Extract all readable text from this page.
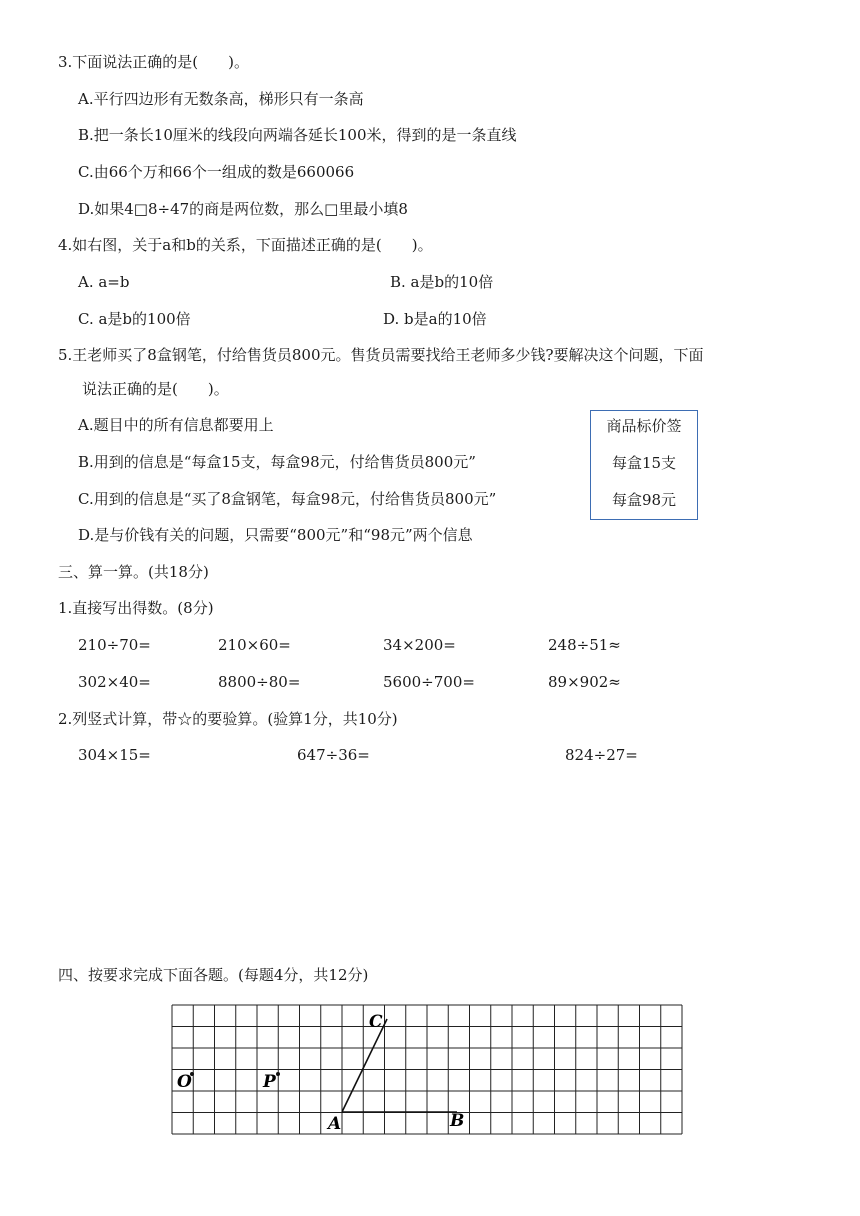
3.下面说法正确的是(　　)。
A.平行四边形有无数条高，梯形只有一条高
B.把一条长10厘米的线段向两端各延长100米，得到的是一条直线
C.由66个万和66个一组成的数是660066
D.如果4□8÷47的商是两位数，那么□里最小填8
4.如右图，关于a和b的关系，下面描述正确的是(　　)。
A. a=b	B. a是b的10倍
C. a是b的100倍	D. b是a的10倍
5.王老师买了8盒钢笔，付给售货员800元。售货员需要找给王老师多少钱?要解决这个问题，下面
说法正确的是(　　)。
A.题目中的所有信息都要用上
B.用到的信息是“每盒15支，每盒98元，付给售货员800元”
C.用到的信息是“买了8盒钢笔，每盒98元，付给售货员800元”
D.是与价钱有关的问题，只需要“800元”和“98元”两个信息
商品标价签
每盒15支
每盒98元
三、算一算。(共18分)
1.直接写出得数。(8分)
210÷70=	210×60=	34×200=	248÷51≈
302×40=	8800÷80=	5600÷700=	89×902≈
2.列竖式计算，带☆的要验算。(验算1分，共10分)
304×15=	647÷36=	824÷27=
四、按要求完成下面各题。(每题4分，共12分)
O	P
A	B
C
